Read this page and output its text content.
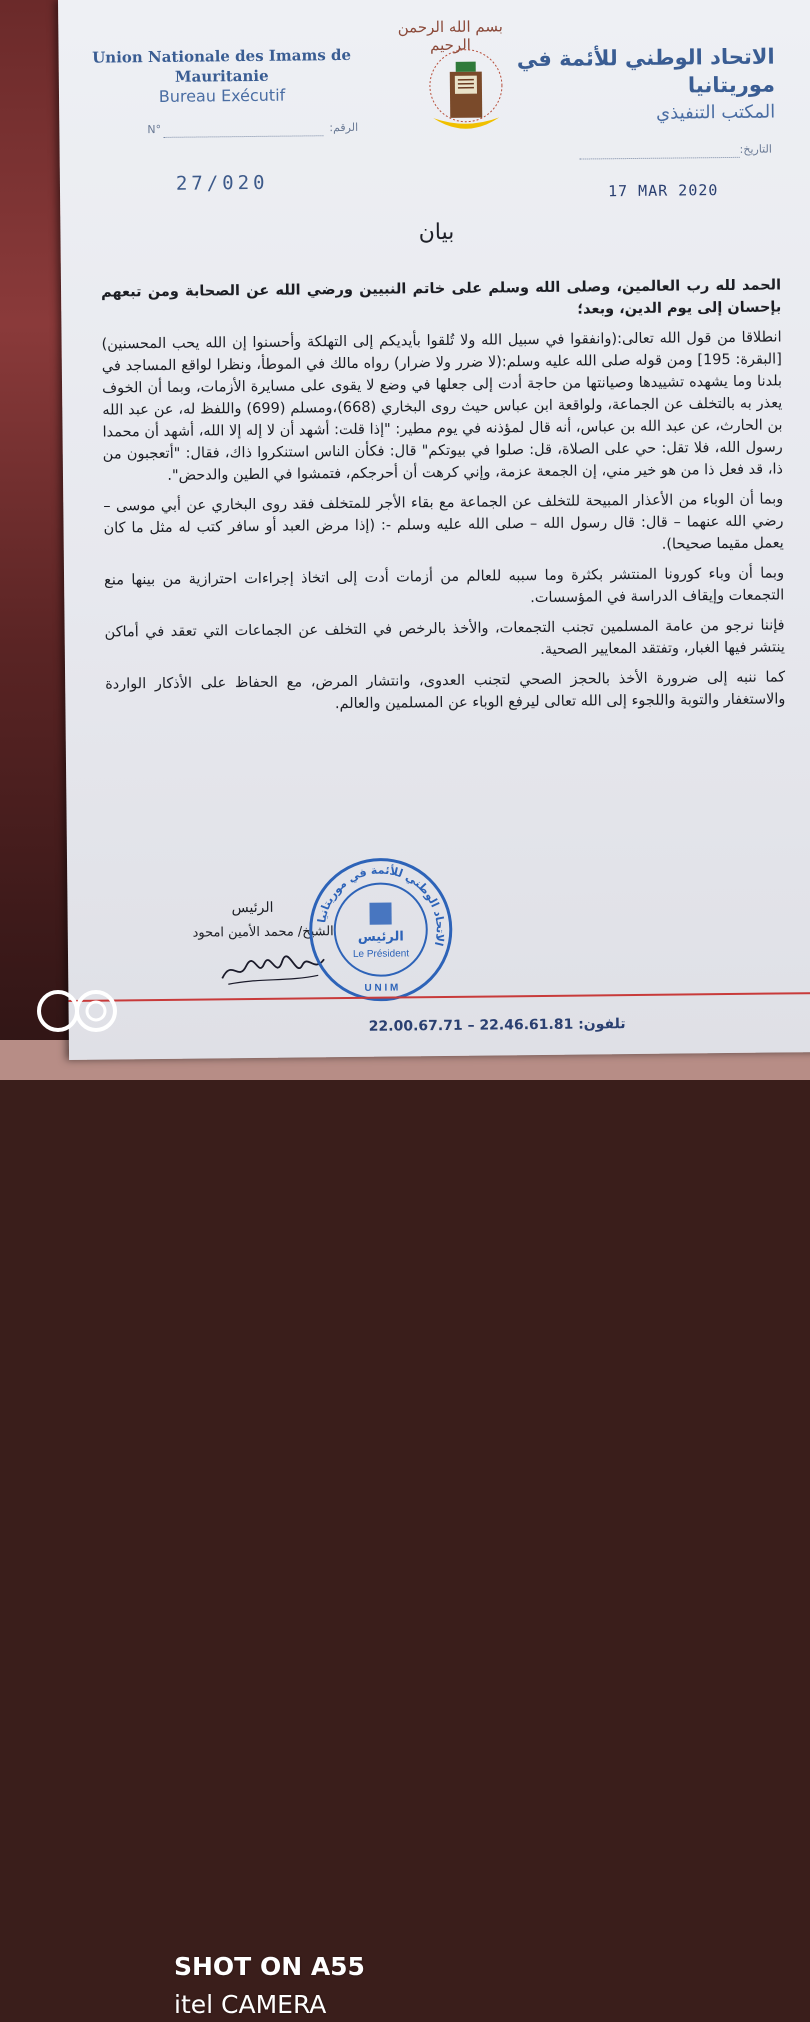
Union Nationale des Imams de
Mauritanie
Bureau Exécutif
بسم الله الرحمن الرحيم	الاتحاد الوطني للأئمة في
موريتانيا
المكتب التنفيذي
N°	الرقم:
التاريخ:
27/020	17 MAR 2020
بيان

الحمد لله رب العالمين، وصلى الله وسلم على خاتم النبيين ورضي الله عن الصحابة ومن تبعهم بإحسان إلى يوم الدين، وبعد؛

انطلاقا من قول الله تعالى:(وانفقوا في سبيل الله ولا تُلقوا بأيديكم إلى التهلكة وأحسنوا إن الله يحب المحسنين) [البقرة: 195] ومن قوله صلى الله عليه وسلم:(لا ضرر ولا ضرار) رواه مالك في الموطأ، ونظرا لواقع المساجد في بلدنا وما يشهده تشييدها وصيانتها من حاجة أدت إلى جعلها في وضع لا يقوى على مسايرة الأزمات، وبما أن الخوف يعذر به بالتخلف عن الجماعة، ولواقعة ابن عباس حيث روى البخاري (668)،ومسلم (699) واللفظ له، عن عبد الله بن الحارث، عن عبد الله بن عباس، أنه قال لمؤذنه في يوم مطير: "إذا قلت: أشهد أن لا إله إلا الله، أشهد أن محمدا رسول الله، فلا تقل: حي على الصلاة، قل: صلوا في بيوتكم" قال: فكأن الناس استنكروا ذاك، فقال: "أتعجبون من ذا، قد فعل ذا من هو خير مني، إن الجمعة عزمة، وإني كرهت أن أحرجكم، فتمشوا في الطين والدحض".

وبما أن الوباء من الأعذار المبيحة للتخلف عن الجماعة مع بقاء الأجر للمتخلف فقد روى البخاري عن أبي موسى – رضي الله عنهما – قال: قال رسول الله – صلى الله عليه وسلم -: (إذا مرض العبد أو سافر كتب له مثل ما كان يعمل مقيما صحيحا).

وبما أن وباء كورونا المنتشر بكثرة وما سببه للعالم من أزمات أدت إلى اتخاذ إجراءات احترازية من بينها منع التجمعات وإيقاف الدراسة في المؤسسات.

فإننا نرجو من عامة المسلمين تجنب التجمعات، والأخذ بالرخص في التخلف عن الجماعات التي تعقد في أماكن ينتشر فيها الغبار، وتفتقد المعايير الصحية.

كما ننبه إلى ضرورة الأخذ بالحجز الصحي لتجنب العدوى، وانتشار المرض، مع الحفاظ على الأذكار الواردة والاستغفار والتوبة واللجوء إلى الله تعالى ليرفع الوباء عن المسلمين والعالم.

الرئيس
الشيخ/ محمد الأمين امحود
الاتحاد الوطني للأئمة في موريتانيا
الرئيس
Le Président
U N I M
تلفون: 22.46.61.81 – 22.00.67.71
SHOT ON A55
itel CAMERA
